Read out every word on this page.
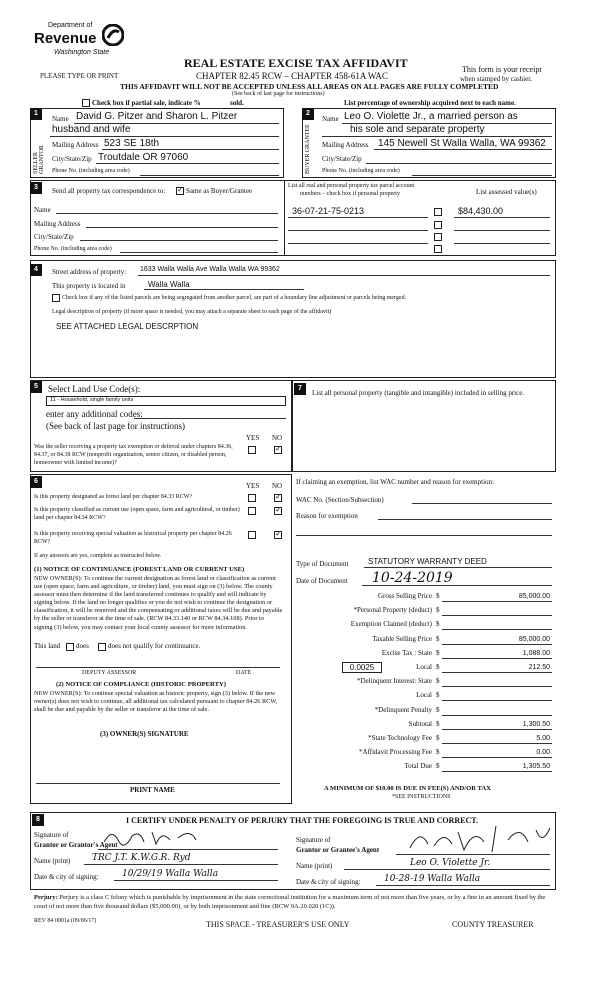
Department of
Revenue
Washington State
PLEASE TYPE OR PRINT
REAL ESTATE EXCISE TAX AFFIDAVIT
CHAPTER 82.45 RCW – CHAPTER 458-61A WAC
THIS AFFIDAVIT WILL NOT BE ACCEPTED UNLESS ALL AREAS ON ALL PAGES ARE FULLY COMPLETED
(See back of last page for instructions)
This form is your receipt
when stamped by cashier.
Check box if partial sale, indicate %	sold.	List percentage of ownership acquired next to each name.
1
SELLER GRANTOR
Name David G. Pitzer and Sharon L. Pitzer
husband and wife
Mailing Address 523 SE 18th
City/State/Zip Troutdale OR 97060
Phone No. (including area code)
2
BUYER GRANTEE
Name Leo O. Violette Jr., a married person as
his sole and separate property
Mailing Address 145 Newell St Walla Walla, WA 99362
City/State/Zip
Phone No. (including area code)
3	Send all property tax correspondence to:
✓	Same as Buyer/Grantee
Name
Mailing Address
City/State/Zip
Phone No. (including area code)
List all real and personal property tax parcel account
numbers – check box if personal property	List assessed value(s)
36-07-21-75-0213	$84,430.00
4	Street address of property: 1633 Walla Walla Ave Walla Walla WA 99362
This property is located in	Walla Walla
Check box if any of the listed parcels are being segregated from another parcel, are part of a boundary line adjustment or parcels being merged.
Legal description of property (if more space is needed, you may attach a separate sheet to each page of the affidavit)
SEE ATTACHED LEGAL DESCRPTION
5	Select Land Use Code(s):
11 - Household, single family units
enter any additional codes:
(See back of last page for instructions)
YES NO
Was the seller receiving a property tax exemption or deferral under chapters 84.36, 84.37, or 84.38 RCW (nonprofit organization, senior citizen, or disabled person, homeowner with limited income)?
✓
6
YES NO
Is this property designated as forest land per chapter 84.33 RCW?
✓
Is this property classified as current use (open space, farm and agricultural, or timber) land per chapter 84.34 RCW?
✓
Is this property receiving special valuation as historical property per chapter 84.26 RCW?
✓
If any answers are yes, complete as instructed below.
(1) NOTICE OF CONTINUANCE (FOREST LAND OR CURRENT USE)
NEW OWNER(S): To continue the current designation as forest land or classification as current use (open space, farm and agriculture, or timber) land, you must sign on (3) below. The county assessor must then determine if the land transferred continues to qualify and will indicate by signing below. If the land no longer qualifies or you do not wish to continue the designation or classification, it will be removed and the compensating or additional taxes will be due and payable by the seller or transferor at the time of sale. (RCW 84.33.140 or RCW 84.34.108). Prior to signing (3) below, you may contact your local county assessor for more information.
This land does	does not qualify for continuance.
DEPUTY ASSESSOR	DATE
(2) NOTICE OF COMPLIANCE (HISTORIC PROPERTY)
NEW OWNER(S): To continue special valuation as historic property, sign (3) below. If the new owner(s) does not wish to continue, all additional tax calculated pursuant to chapter 84.26 RCW, shall be due and payable by the seller or transferor at the time of sale.
(3) OWNER(S) SIGNATURE
PRINT NAME
7
List all personal property (tangible and intangible) included in selling price.
If claiming an exemption, list WAC number and reason for exemption:
WAC No. (Section/Subsection)
Reason for exemption
Type of Document STATUTORY WARRANTY DEED
Date of Document 10-24-2019
Gross Selling Price $	85,000.00
*Personal Property (deduct) $
Exemption Claimed (deduct) $
Taxable Selling Price $	85,000.00
Excise Tax : State $	1,088.00
Local
0.0025	$	212.50
*Delinquent Interest: State $
Local $
*Delinquent Penalty $
Subtotal $	1,300.50
*State Technology Fee $	5.00
*Affidavit Processing Fee $	0.00
Total Due $	1,305.50
A MINIMUM OF $10.00 IS DUE IN FEE(S) AND/OR TAX
*SEE INSTRUCTIONS
8	I CERTIFY UNDER PENALTY OF PERJURY THAT THE FOREGOING IS TRUE AND CORRECT.
Signature of
Grantor or Grantor's Agent
Name (print) TRC J.T. K.W.G.R. Ryd
Date & city of signing:	10/29/19 Walla Walla
Signature of
Grantor or Grantee's Agent
Name (print)	Leo O. Violette Jr.
Date & city of signing:	10-28-19 Walla Walla
Perjury: Perjury is a class C felony which is punishable by imprisonment in the state correctional institution for a maximum term of not more than five years, or by a fine in an amount fixed by the court of not more than five thousand dollars ($5,000.00), or by both imprisonment and fine (RCW 9A.20.020 (1C)).
REV 84 0001a (09/06/17)	THIS SPACE - TREASURER'S USE ONLY	COUNTY TREASURER
